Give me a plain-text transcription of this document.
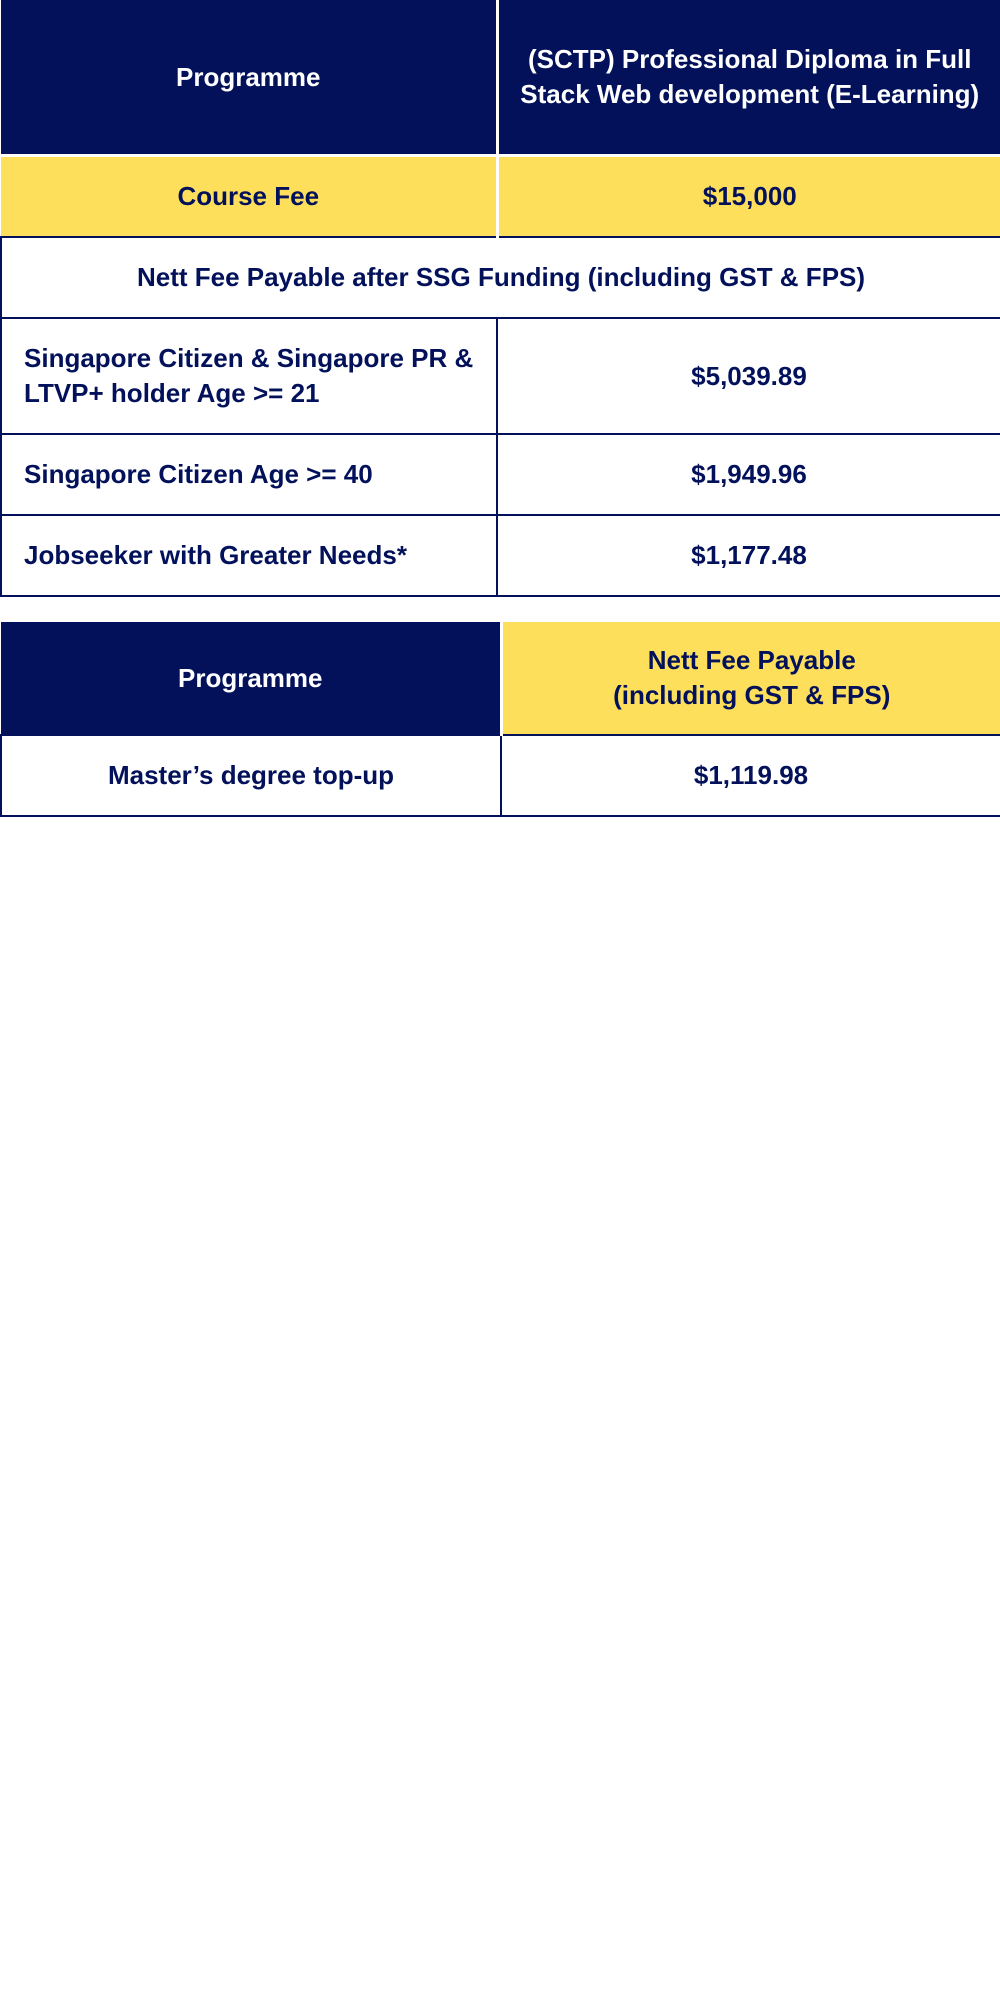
Programme	(SCTP) Professional Diploma in Full Stack Web development (E-Learning)
Course Fee	$15,000
Nett Fee Payable after SSG Funding (including GST & FPS)	
Singapore Citizen & Singapore PR & LTVP+ holder Age >= 21	$5,039.89
Singapore Citizen Age >= 40	$1,949.96
Jobseeker with Greater Needs*	$1,177.48
Programme	Nett Fee Payable
(including GST & FPS)
Master’s degree top-up	$1,119.98
